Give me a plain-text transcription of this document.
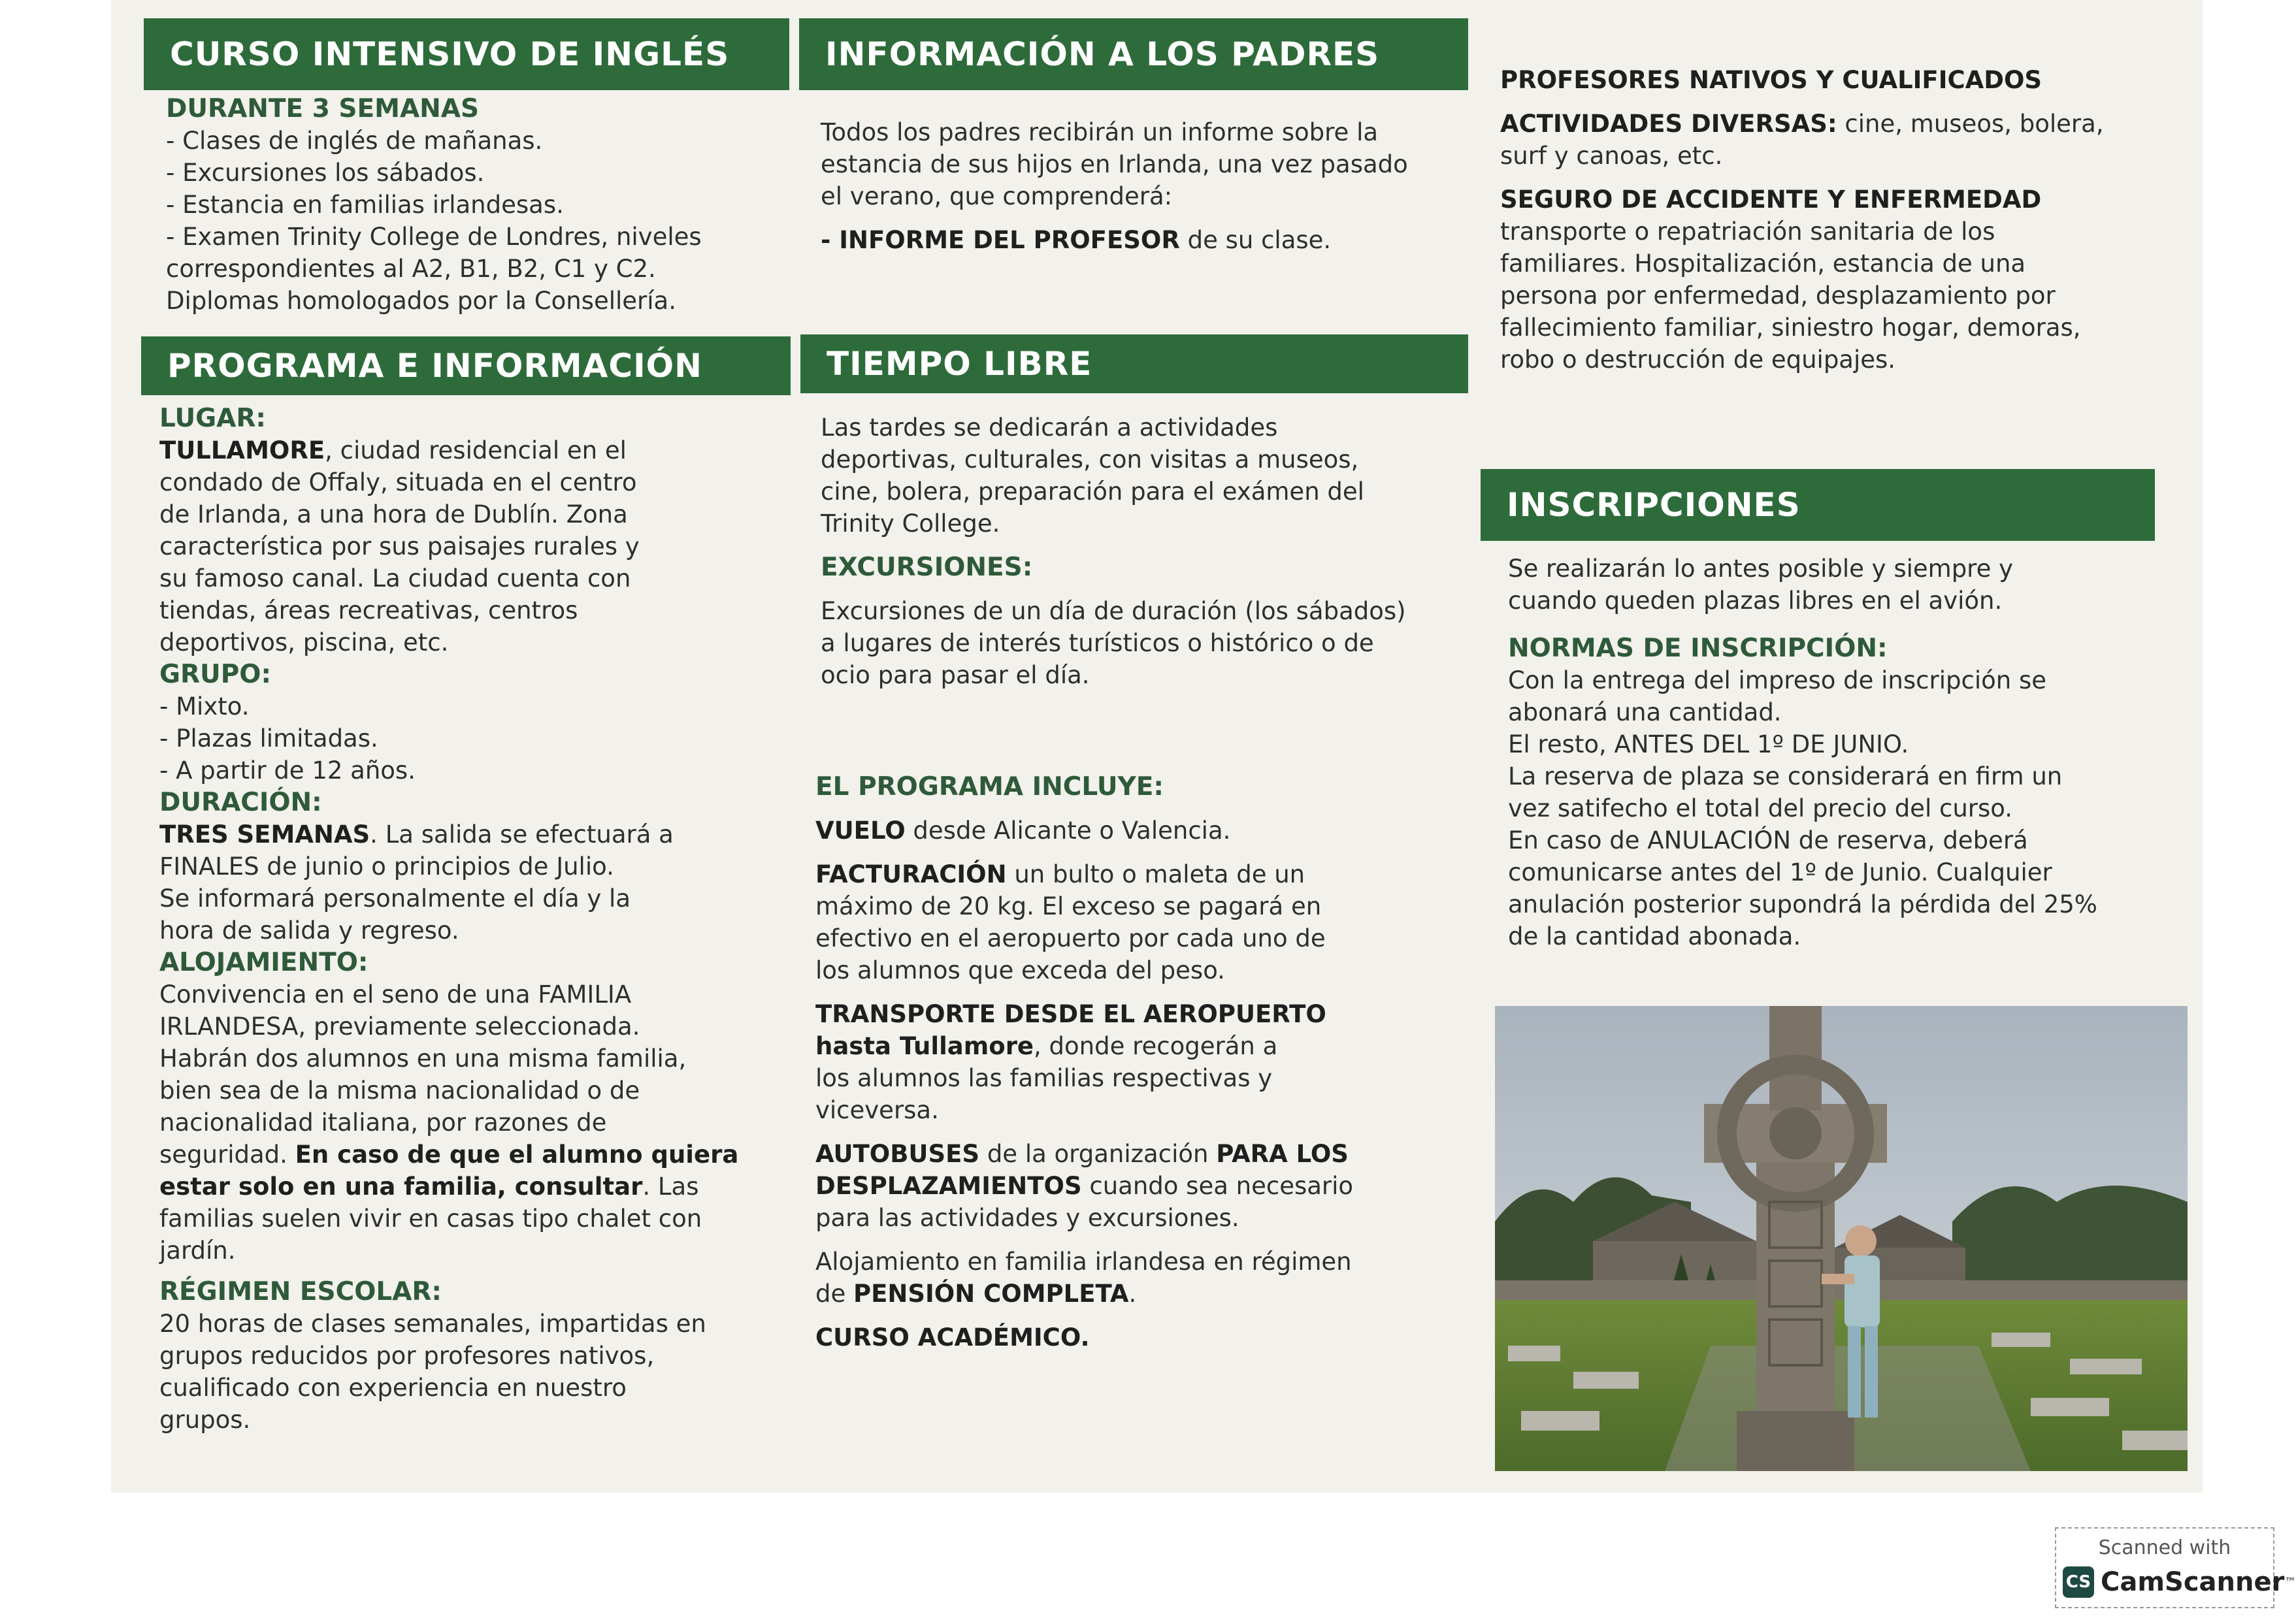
CURSO INTENSIVO DE INGLÉS

DURANTE 3 SEMANAS

- Clases de inglés de mañanas.

- Excursiones los sábados.

- Estancia en familias irlandesas.

- Examen Trinity College de Londres, niveles

correspondientes al A2, B1, B2, C1 y C2.

Diplomas homologados por la Consellería.

PROGRAMA E INFORMACIÓN

LUGAR:

TULLAMORE, ciudad residencial en el

condado de Offaly, situada en el centro

de Irlanda, a una hora de Dublín. Zona

característica por sus paisajes rurales y

su famoso canal. La ciudad cuenta con

tiendas, áreas recreativas, centros

deportivos, piscina, etc.

GRUPO:

- Mixto.

- Plazas limitadas.

- A partir de 12 años.

DURACIÓN:

TRES SEMANAS. La salida se efectuará a

FINALES de junio o principios de Julio.

Se informará personalmente el día y la

hora de salida y regreso.

ALOJAMIENTO:

Convivencia en el seno de una FAMILIA

IRLANDESA, previamente seleccionada.

Habrán dos alumnos en una misma familia,

bien sea de la misma nacionalidad o de

nacionalidad italiana, por razones de

seguridad. En caso de que el alumno quiera

estar solo en una familia, consultar. Las

familias suelen vivir en casas tipo chalet con

jardín.

RÉGIMEN ESCOLAR:

20 horas de clases semanales, impartidas en

grupos reducidos por profesores nativos,

cualificado con experiencia en nuestro

grupos.

INFORMACIÓN A LOS PADRES

Todos los padres recibirán un informe sobre la

estancia de sus hijos en Irlanda, una vez pasado

el verano, que comprenderá:

- INFORME DEL PROFESOR de su clase.

TIEMPO LIBRE

Las tardes se dedicarán a actividades

deportivas, culturales, con visitas a museos,

cine, bolera, preparación para el exámen del

Trinity College.

EXCURSIONES:

Excursiones de un día de duración (los sábados)

a lugares de interés turísticos o histórico o de

ocio para pasar el día.

EL PROGRAMA INCLUYE:

VUELO desde Alicante o Valencia.

FACTURACIÓN un bulto o maleta de un

máximo de 20 kg. El exceso se pagará en

efectivo en el aeropuerto por cada uno de

los alumnos que exceda del peso.

TRANSPORTE DESDE EL AEROPUERTO

hasta Tullamore, donde recogerán a

los alumnos las familias respectivas y

viceversa.

AUTOBUSES de la organización PARA LOS

DESPLAZAMIENTOS cuando sea necesario

para las actividades y excursiones.

Alojamiento en familia irlandesa en régimen

de PENSIÓN COMPLETA.

CURSO ACADÉMICO.

PROFESORES NATIVOS Y CUALIFICADOS

ACTIVIDADES DIVERSAS: cine, museos, bolera,

surf y canoas, etc.

SEGURO DE ACCIDENTE Y ENFERMEDAD

transporte o repatriación sanitaria de los

familiares. Hospitalización, estancia de una

persona por enfermedad, desplazamiento por

fallecimiento familiar, siniestro hogar, demoras,

robo o destrucción de equipajes.

INSCRIPCIONES

Se realizarán lo antes posible y siempre y

cuando queden plazas libres en el avión.

NORMAS DE INSCRIPCIÓN:

Con la entrega del impreso de inscripción se

abonará una cantidad.

El resto, ANTES DEL 1º DE JUNIO.

La reserva de plaza se considerará en firm un

vez satifecho el total del precio del curso.

En caso de ANULACIÓN de reserva, deberá

comunicarse antes del 1º de Junio. Cualquier

anulación posterior supondrá la pérdida del 25%

de la cantidad abonada.

Scanned with
CS CamScanner ™
